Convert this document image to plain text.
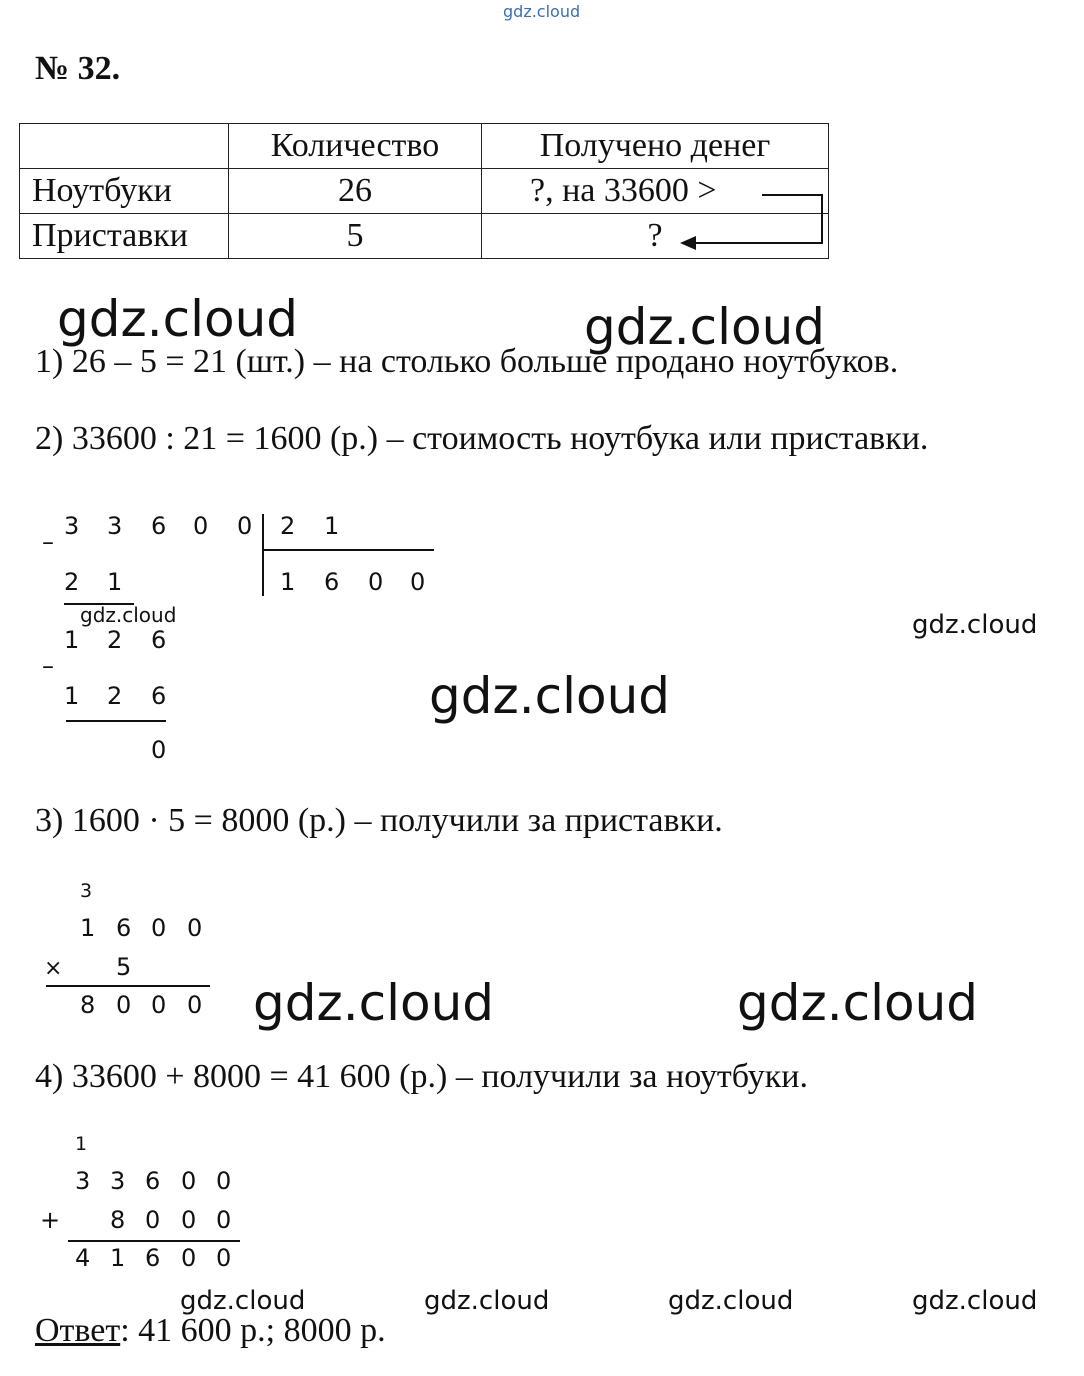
gdz.cloud
№ 32.
	Количество	Получено денег
Ноутбуки	26	?, на 33600 >
Приставки	5	?
1) 26 – 5 = 21 (шт.) – на столько больше продано ноутбуков.
2) 33600 : 21 = 1600 (р.) – стоимость ноутбука или приставки.
–
3 3 6 0 0 2 1
1 6 0 0
2 1
–
1 2 6
1 2 6
0
3) 1600 · 5 = 8000 (р.) – получили за приставки.
3
1 6 0 0
× 5
8 0 0 0
4) 33600 + 8000 = 41 600 (р.) – получили за ноутбуки.
1
3 3 6 0 0
+ 8 0 0 0
4 1 6 0 0
Ответ: 41 600 р.; 8000 р.
gdz.cloud	gdz.cloud
gdz.cloud	gdz.cloud
gdz.cloud
gdz.cloud	gdz.cloud
gdz.cloud	gdz.cloud	gdz.cloud	gdz.cloud
